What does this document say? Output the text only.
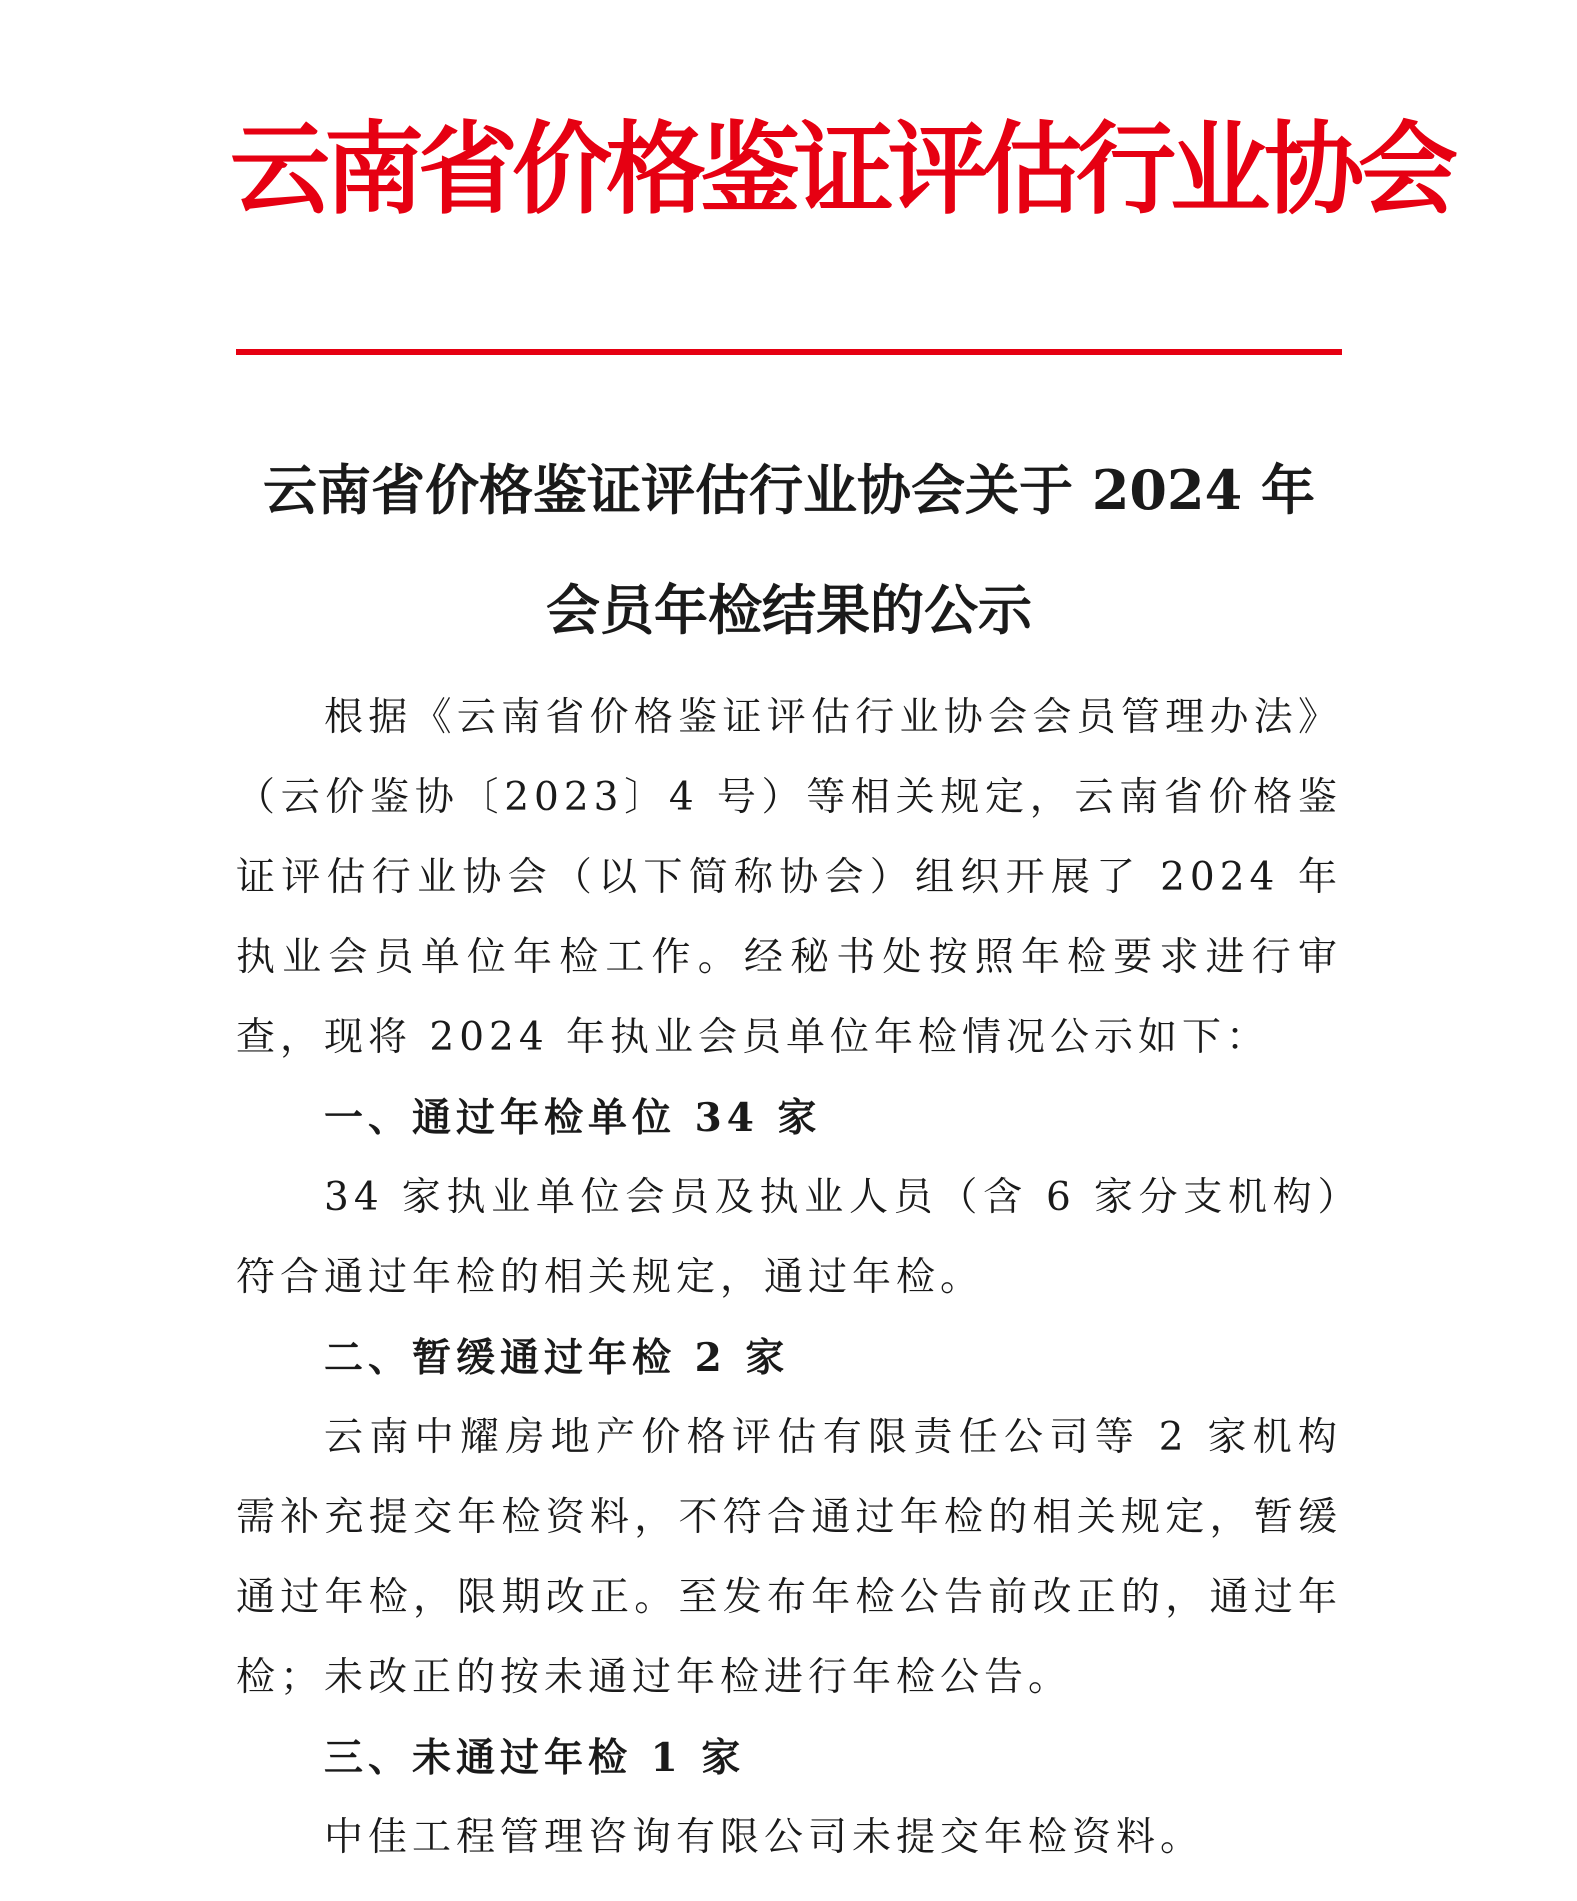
云南省价格鉴证评估行业协会
云南省价格鉴证评估行业协会关于 2024 年
会员年检结果的公示

根据《云南省价格鉴证评估行业协会会员管理办法》（云价鉴协〔2023〕4 号）等相关规定，云南省价格鉴证评估行业协会（以下简称协会）组织开展了 2024 年执业会员单位年检工作。经秘书处按照年检要求进行审查，现将 2024 年执业会员单位年检情况公示如下：

一、通过年检单位 34 家

34 家执业单位会员及执业人员（含 6 家分支机构）符合通过年检的相关规定，通过年检。

二、暂缓通过年检 2 家

云南中耀房地产价格评估有限责任公司等 2 家机构需补充提交年检资料，不符合通过年检的相关规定，暂缓通过年检，限期改正。至发布年检公告前改正的，通过年检；未改正的按未通过年检进行年检公告。

三、未通过年检 1 家

中佳工程管理咨询有限公司未提交年检资料。
